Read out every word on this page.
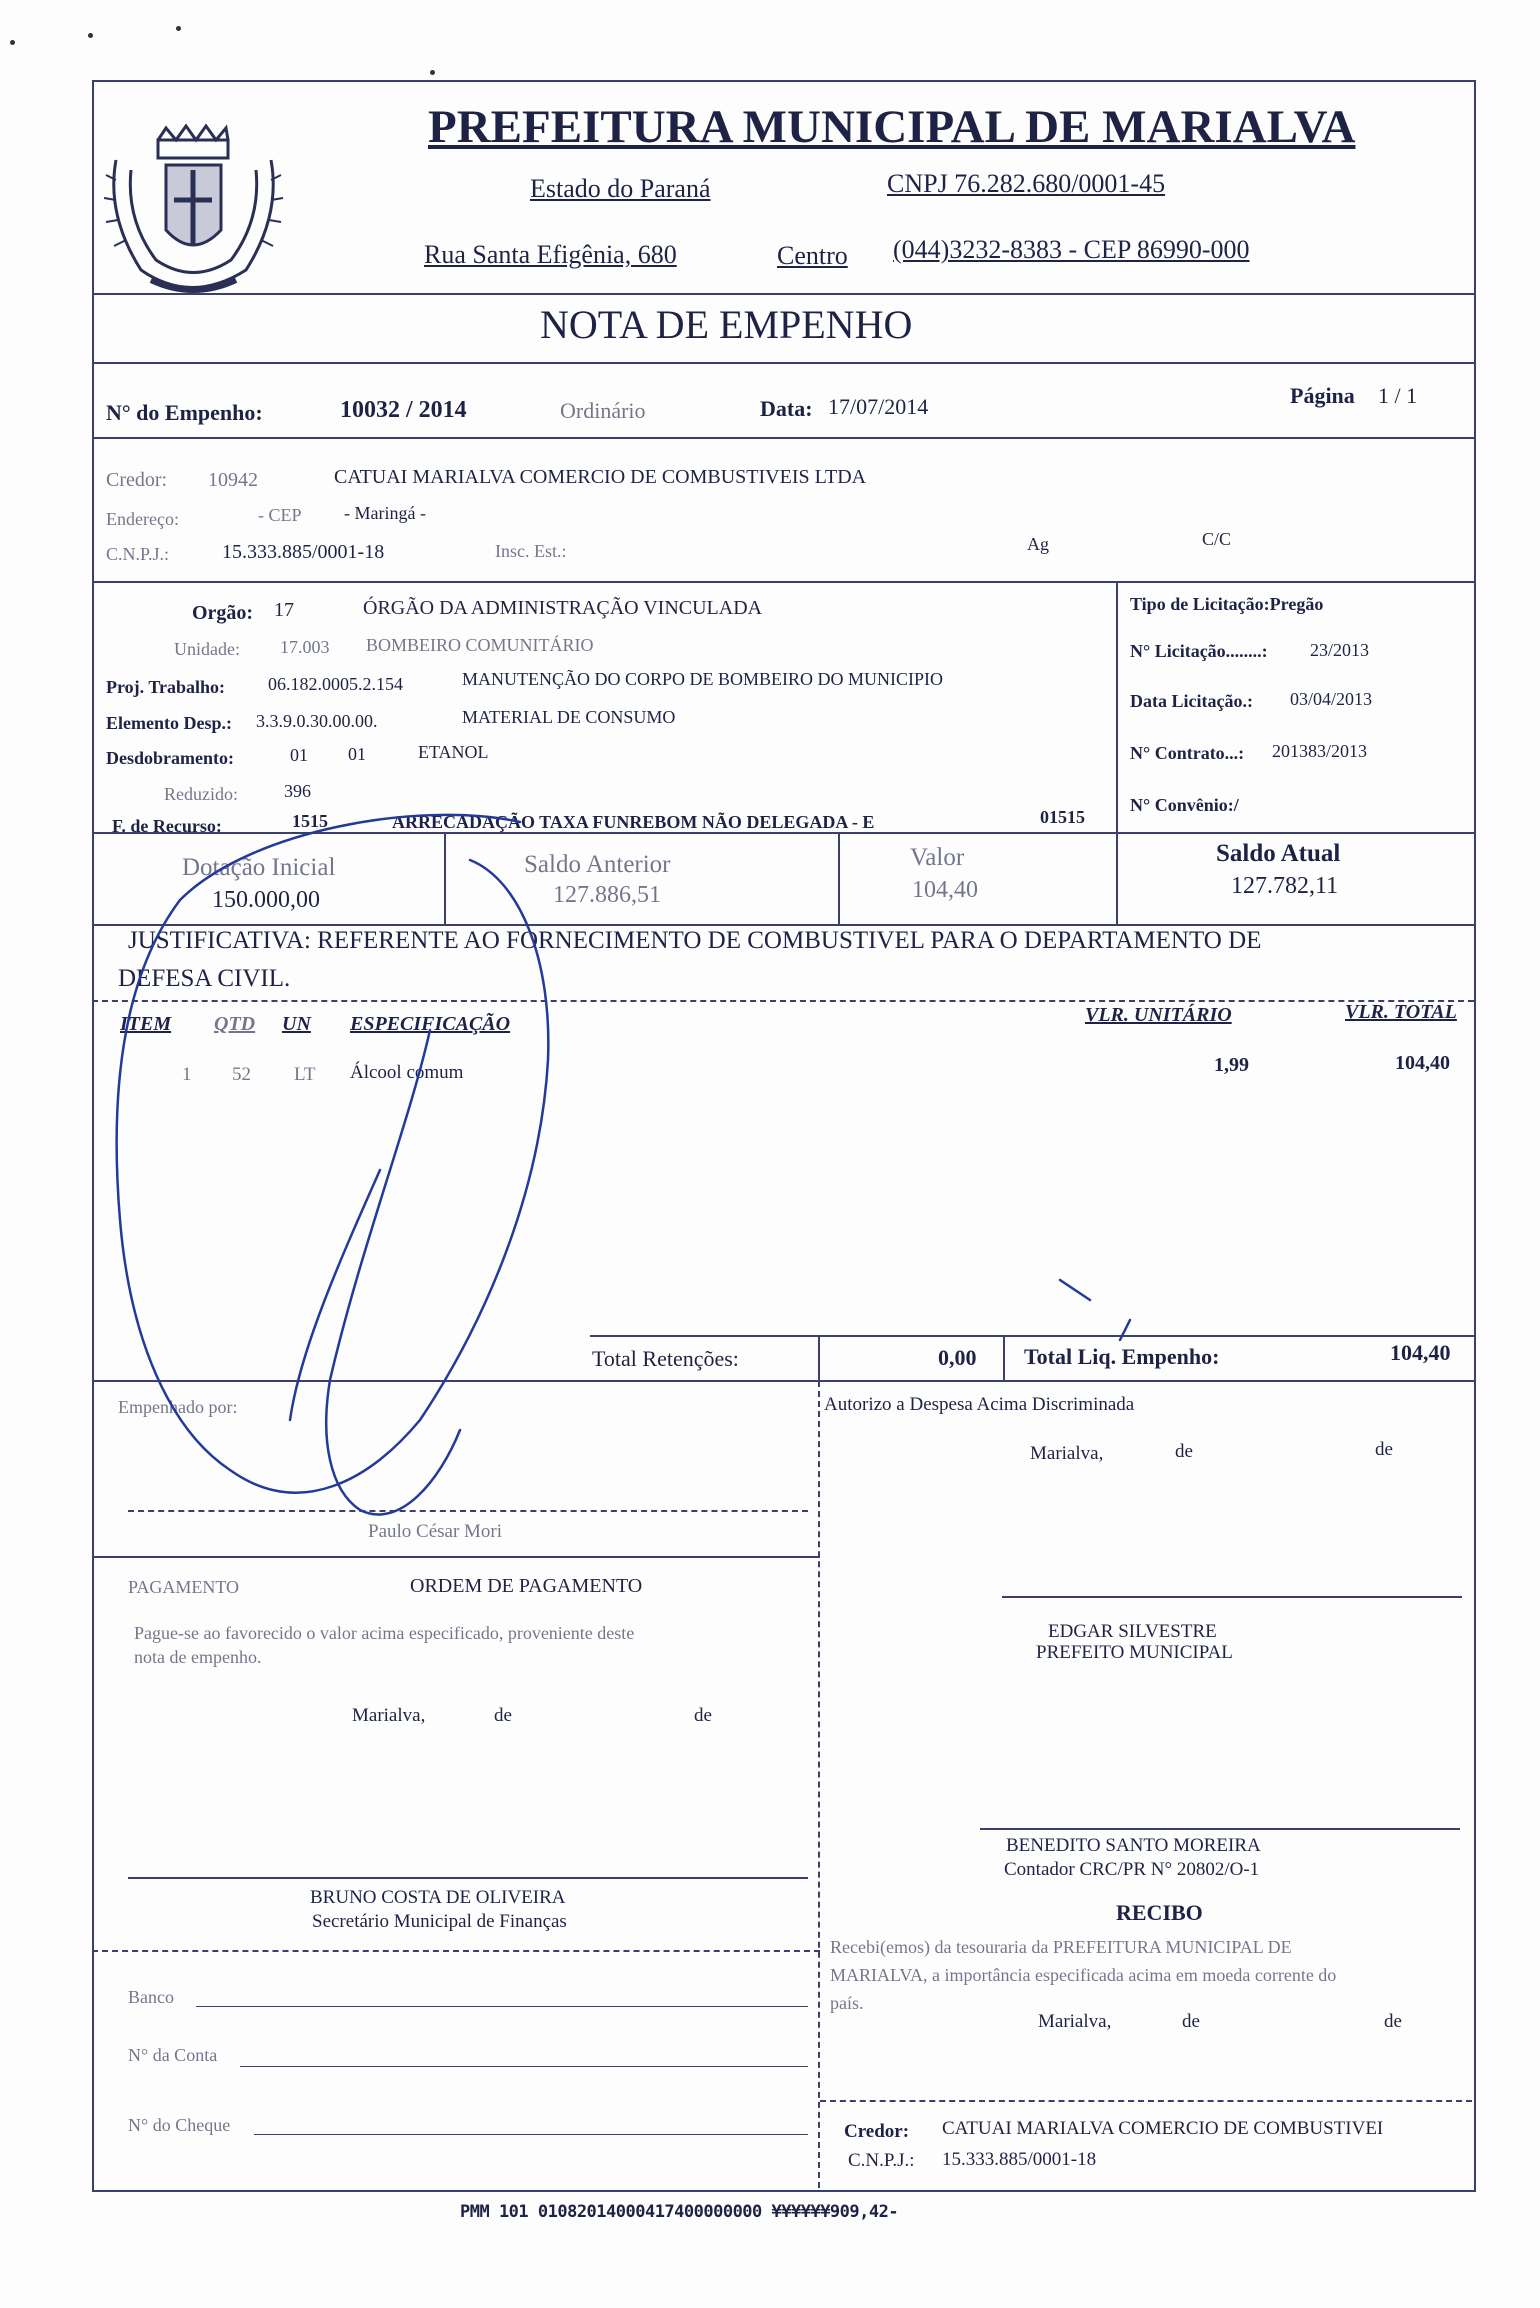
PREFEITURA MUNICIPAL DE MARIALVA
Estado do Paraná	CNPJ 76.282.680/0001-45
Rua Santa Efigênia, 680	Centro (044)3232-8383 - CEP 86990-000
NOTA DE EMPENHO
N° do Empenho:	10032 / 2014	Ordinário	Data: 17/07/2014	Página 1 / 1
Credor: 10942	CATUAI MARIALVA COMERCIO DE COMBUSTIVEIS LTDA
Endereço:	- CEP - Maringá -
C.N.P.J.:	15.333.885/0001-18	Insc. Est.:	Ag	C/C
Orgão: 17	ÓRGÃO DA ADMINISTRAÇÃO VINCULADA
Unidade: 17.003 BOMBEIRO COMUNITÁRIO
Proj. Trabalho: 06.182.0005.2.154	MANUTENÇÃO DO CORPO DE BOMBEIRO DO MUNICIPIO
Elemento Desp.: 3.3.9.0.30.00.00.	MATERIAL DE CONSUMO
Desdobramento:	01 01	ETANOL
Reduzido:	396
F. de Recurso:	1515	ARRECADAÇÃO TAXA FUNREBOM NÃO DELEGADA - E	01515
Tipo de Licitação:Pregão
N° Licitação........: 23/2013
Data Licitação.: 03/04/2013
N° Contrato...: 201383/2013
N° Convênio:/
Dotação Inicial
150.000,00
Saldo Anterior
127.886,51
Valor
104,40
Saldo Atual
127.782,11
JUSTIFICATIVA: REFERENTE AO FORNECIMENTO DE COMBUSTIVEL PARA O DEPARTAMENTO DE
DEFESA CIVIL.
ITEM QTD UN ESPECIFICAÇÃO	VLR. UNITÁRIO	VLR. TOTAL
1 52 LT Álcool comum	1,99	104,40
Total Retenções:	0,00 Total Liq. Empenho:	104,40
Empenhado por:	Autorizo a Despesa Acima Discriminada
Marialva,	de	de
Paulo César Mori
PAGAMENTO	ORDEM DE PAGAMENTO
Pague-se ao favorecido o valor acima especificado, proveniente deste
nota de empenho.
Marialva,	de	de
EDGAR SILVESTRE
PREFEITO MUNICIPAL
BENEDITO SANTO MOREIRA
Contador CRC/PR N° 20802/O-1
BRUNO COSTA DE OLIVEIRA
Secretário Municipal de Finanças	RECIBO
Recebi(emos) da tesouraria da PREFEITURA MUNICIPAL DE
MARIALVA, a importância especificada acima em moeda corrente do
país.
Marialva,	de	de
Banco
N° da Conta
N° do Cheque	Credor: CATUAI MARIALVA COMERCIO DE COMBUSTIVEI
C.N.P.J.: 15.333.885/0001-18
PMM 101 01082014000417400000000 ¥¥¥¥¥¥909,42-
